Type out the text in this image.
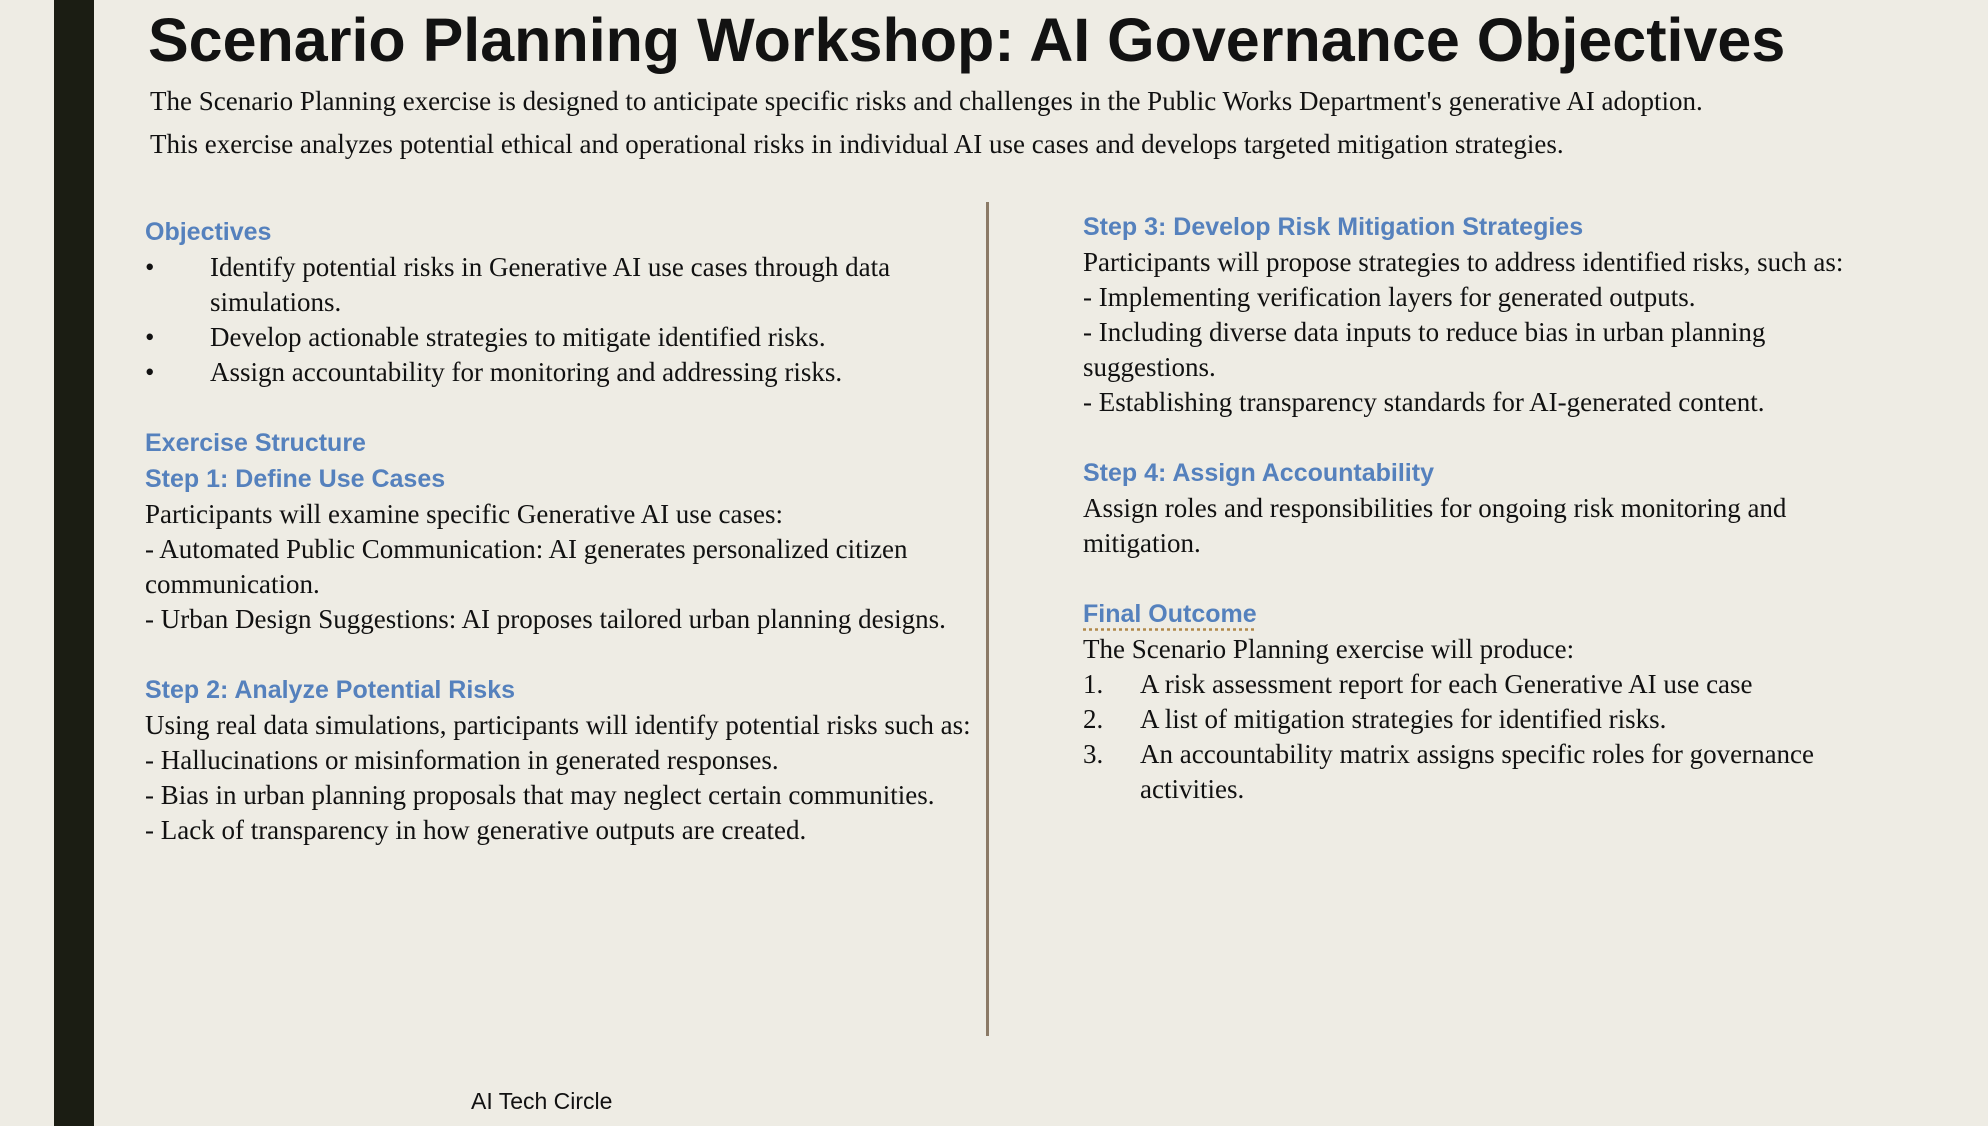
Scenario Planning Workshop: AI Governance Objectives

The Scenario Planning exercise is designed to anticipate specific risks and challenges in the Public Works Department's generative AI adoption.

This exercise analyzes potential ethical and operational risks in individual AI use cases and develops targeted mitigation strategies.

Objectives
• Identify potential risks in Generative AI use cases through data simulations.
• Develop actionable strategies to mitigate identified risks.
• Assign accountability for monitoring and addressing risks.
Exercise Structure
Step 1: Define Use Cases

Participants will examine specific Generative AI use cases:

- Automated Public Communication: AI generates personalized citizen communication.

- Urban Design Suggestions: AI proposes tailored urban planning designs.

Step 2: Analyze Potential Risks

Using real data simulations, participants will identify potential risks such as:

- Hallucinations or misinformation in generated responses.

- Bias in urban planning proposals that may neglect certain communities.

- Lack of transparency in how generative outputs are created.

Step 3: Develop Risk Mitigation Strategies

Participants will propose strategies to address identified risks, such as:

- Implementing verification layers for generated outputs.

- Including diverse data inputs to reduce bias in urban planning suggestions.

- Establishing transparency standards for AI-generated content.

Step 4: Assign Accountability

Assign roles and responsibilities for ongoing risk monitoring and mitigation.

Final Outcome

The Scenario Planning exercise will produce:

1. A risk assessment report for each Generative AI use case
2. A list of mitigation strategies for identified risks.
3. An accountability matrix assigns specific roles for governance activities.
AI Tech Circle
